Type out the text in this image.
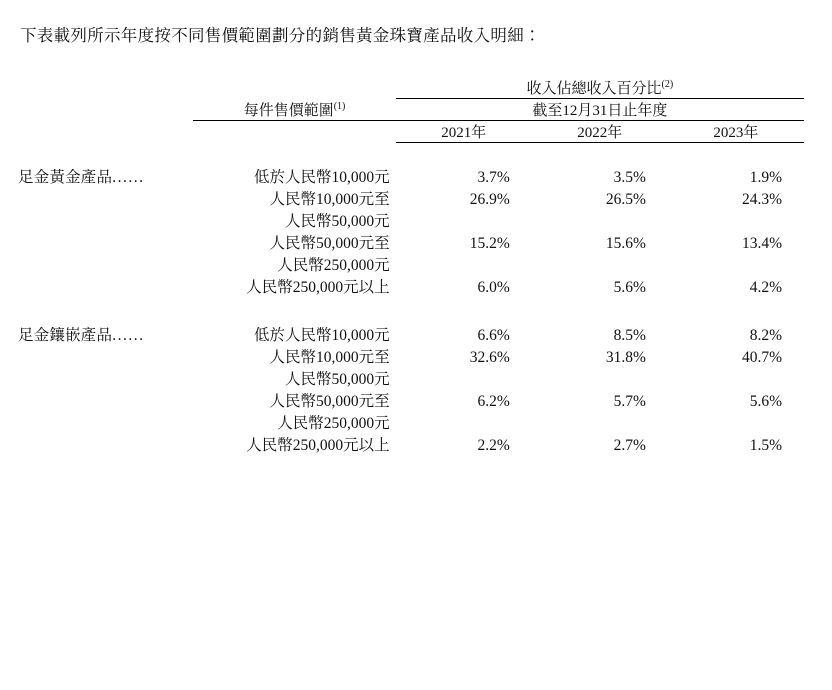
下表載列所示年度按不同售價範圍劃分的銷售黃金珠寶產品收入明細：

		收入佔總收入百分比$^{(2)}$

	每件售價範圍$^{(1)}$	截至12月31日止年度		

		2021年	2022年	2023年

足金黃金產品......	低於人民幣10,000元	3.7%	3.5%	1.9%
	人民幣10,000元至	26.9%	26.5%	24.3%
	人民幣50,000元			
	人民幣50,000元至	15.2%	15.6%	13.4%
	人民幣250,000元			
	人民幣250,000元以上	6.0%	5.6%	4.2%

足金鑲嵌產品......	低於人民幣10,000元	6.6%	8.5%	8.2%
	人民幣10,000元至	32.6%	31.8%	40.7%
	人民幣50,000元			
	人民幣50,000元至	6.2%	5.7%	5.6%
	人民幣250,000元			
	人民幣250,000元以上	2.2%	2.7%	1.5%
